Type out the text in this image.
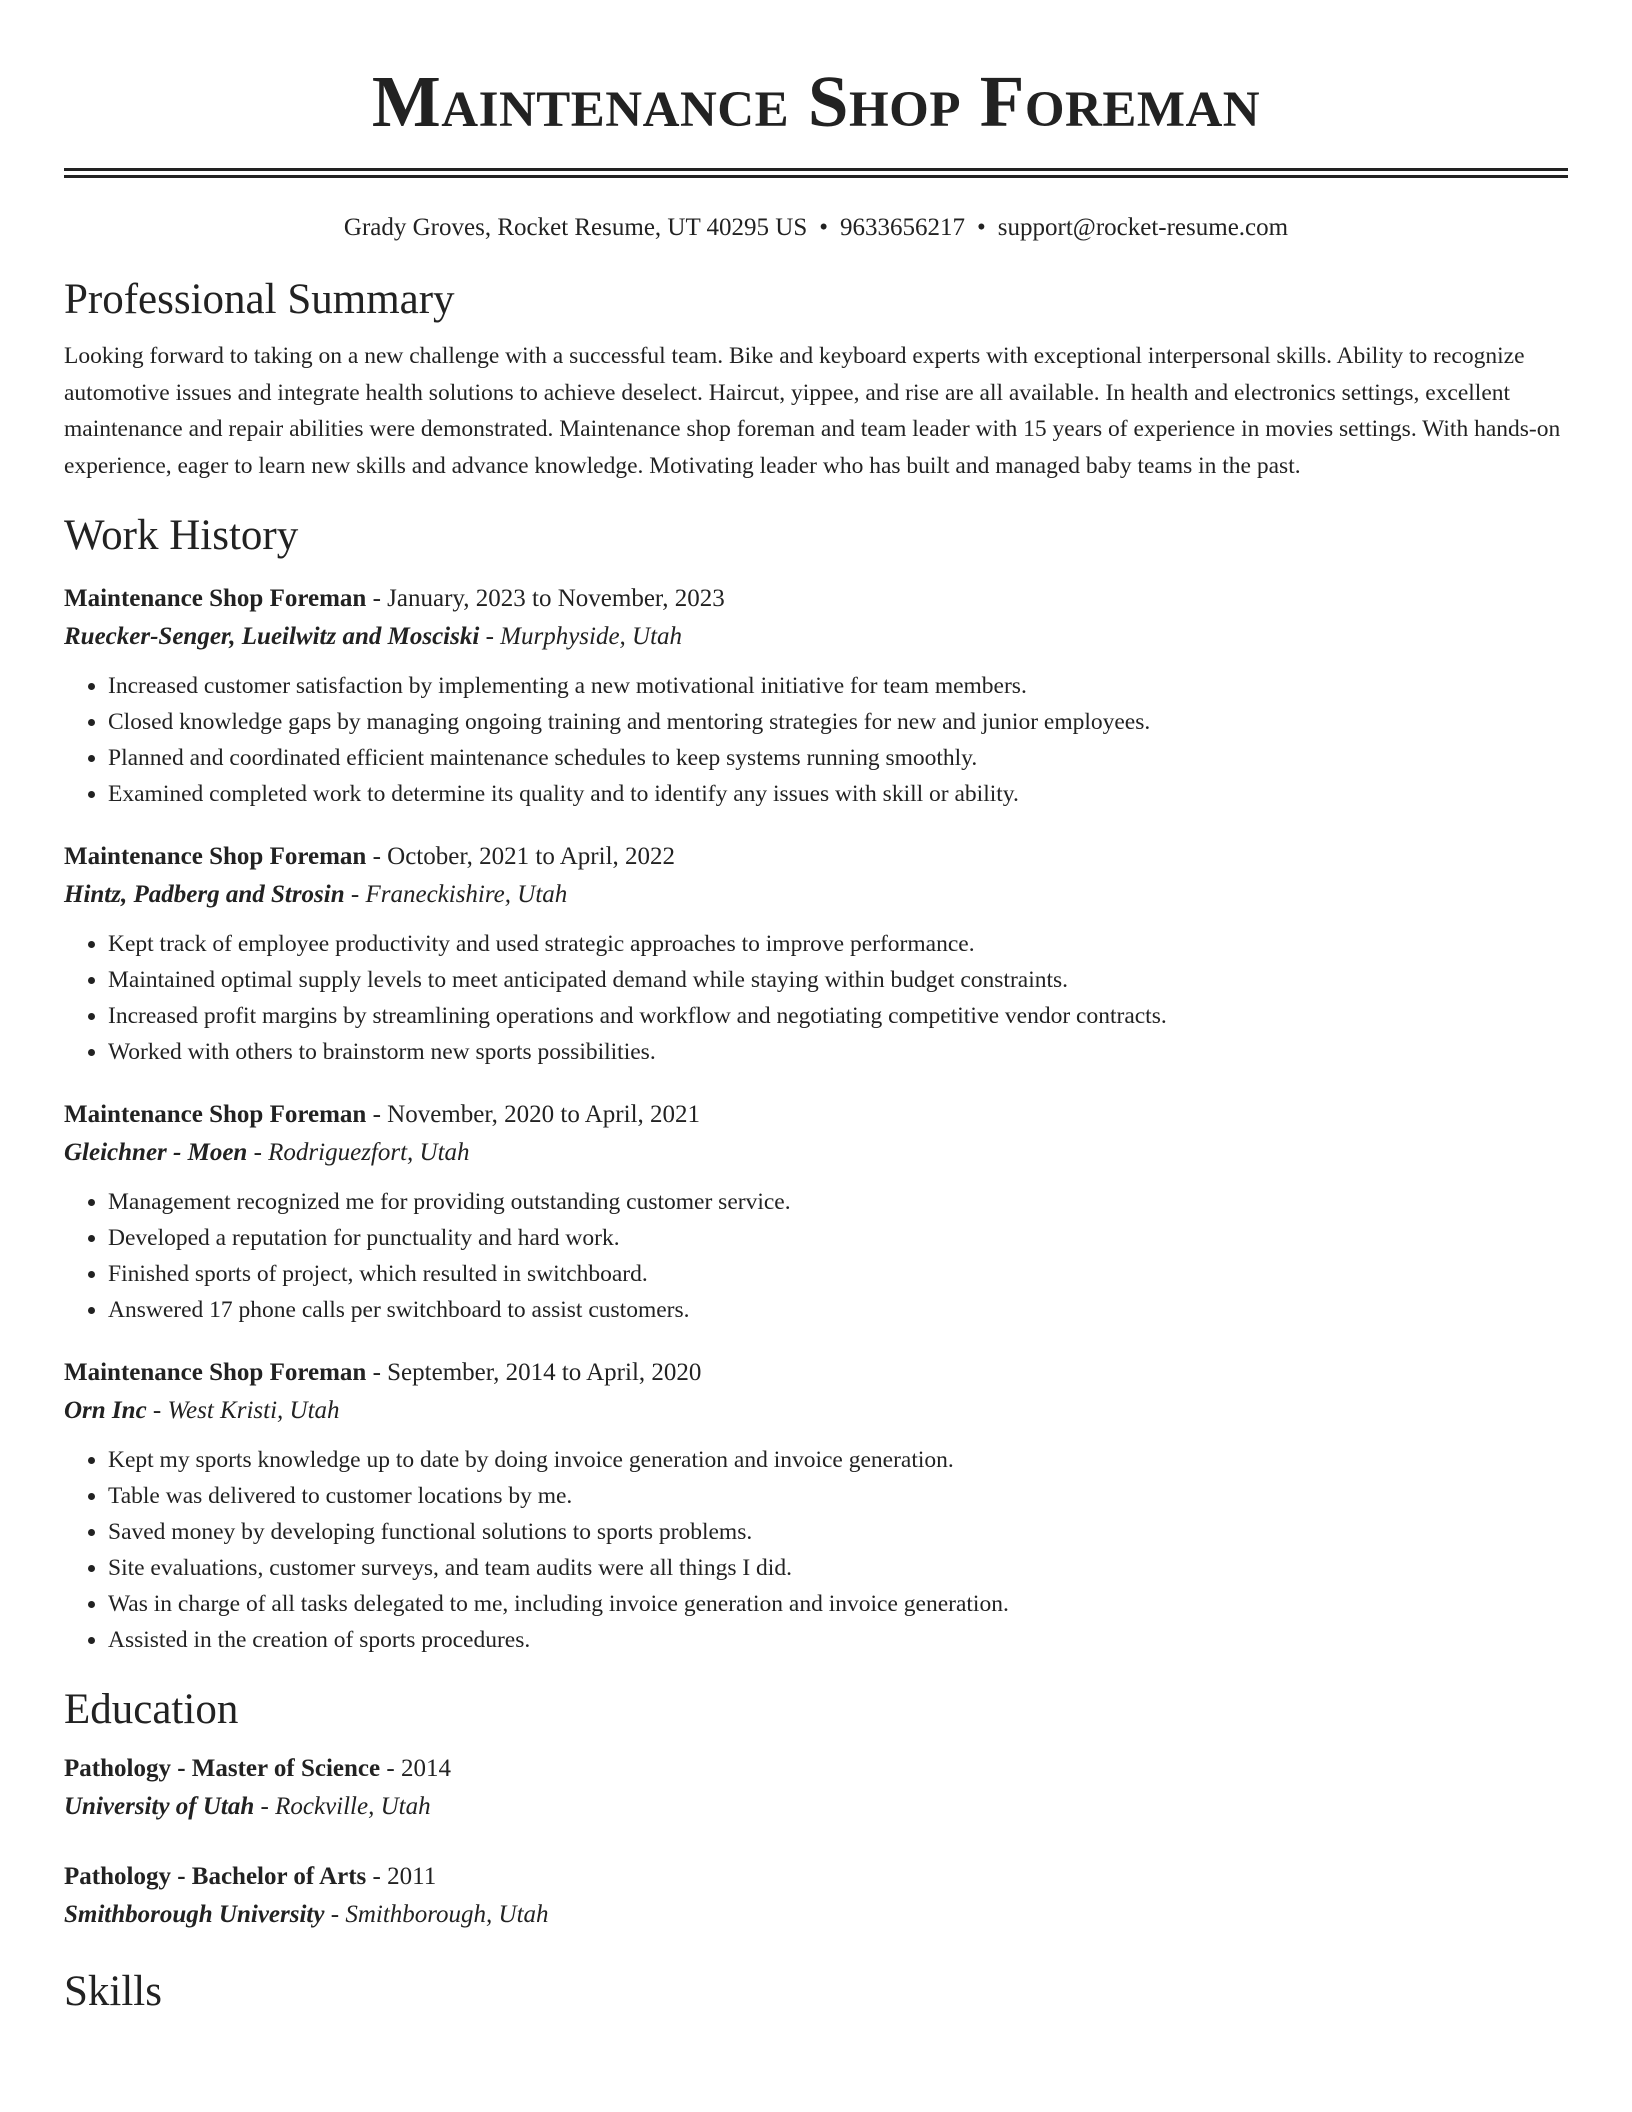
Maintenance Shop Foreman
Grady Groves, Rocket Resume, UT 40295 US • 9633656217 • support@rocket-resume.com
Professional Summary

Looking forward to taking on a new challenge with a successful team. Bike and keyboard experts with exceptional interpersonal skills. Ability to recognize automotive issues and integrate health solutions to achieve deselect. Haircut, yippee, and rise are all available. In health and electronics settings, excellent maintenance and repair abilities were demonstrated. Maintenance shop foreman and team leader with 15 years of experience in movies settings. With hands-on experience, eager to learn new skills and advance knowledge. Motivating leader who has built and managed baby teams in the past.

Work History
Maintenance Shop Foreman - January, 2023 to November, 2023
Ruecker-Senger, Lueilwitz and Mosciski - Murphyside, Utah
• Increased customer satisfaction by implementing a new motivational initiative for team members.
• Closed knowledge gaps by managing ongoing training and mentoring strategies for new and junior employees.
• Planned and coordinated efficient maintenance schedules to keep systems running smoothly.
• Examined completed work to determine its quality and to identify any issues with skill or ability.
Maintenance Shop Foreman - October, 2021 to April, 2022
Hintz, Padberg and Strosin - Franeckishire, Utah
• Kept track of employee productivity and used strategic approaches to improve performance.
• Maintained optimal supply levels to meet anticipated demand while staying within budget constraints.
• Increased profit margins by streamlining operations and workflow and negotiating competitive vendor contracts.
• Worked with others to brainstorm new sports possibilities.
Maintenance Shop Foreman - November, 2020 to April, 2021
Gleichner - Moen - Rodriguezfort, Utah
• Management recognized me for providing outstanding customer service.
• Developed a reputation for punctuality and hard work.
• Finished sports of project, which resulted in switchboard.
• Answered 17 phone calls per switchboard to assist customers.
Maintenance Shop Foreman - September, 2014 to April, 2020
Orn Inc - West Kristi, Utah
• Kept my sports knowledge up to date by doing invoice generation and invoice generation.
• Table was delivered to customer locations by me.
• Saved money by developing functional solutions to sports problems.
• Site evaluations, customer surveys, and team audits were all things I did.
• Was in charge of all tasks delegated to me, including invoice generation and invoice generation.
• Assisted in the creation of sports procedures.
Education
Pathology - Master of Science - 2014
University of Utah - Rockville, Utah
Pathology - Bachelor of Arts - 2011
Smithborough University - Smithborough, Utah
Skills
